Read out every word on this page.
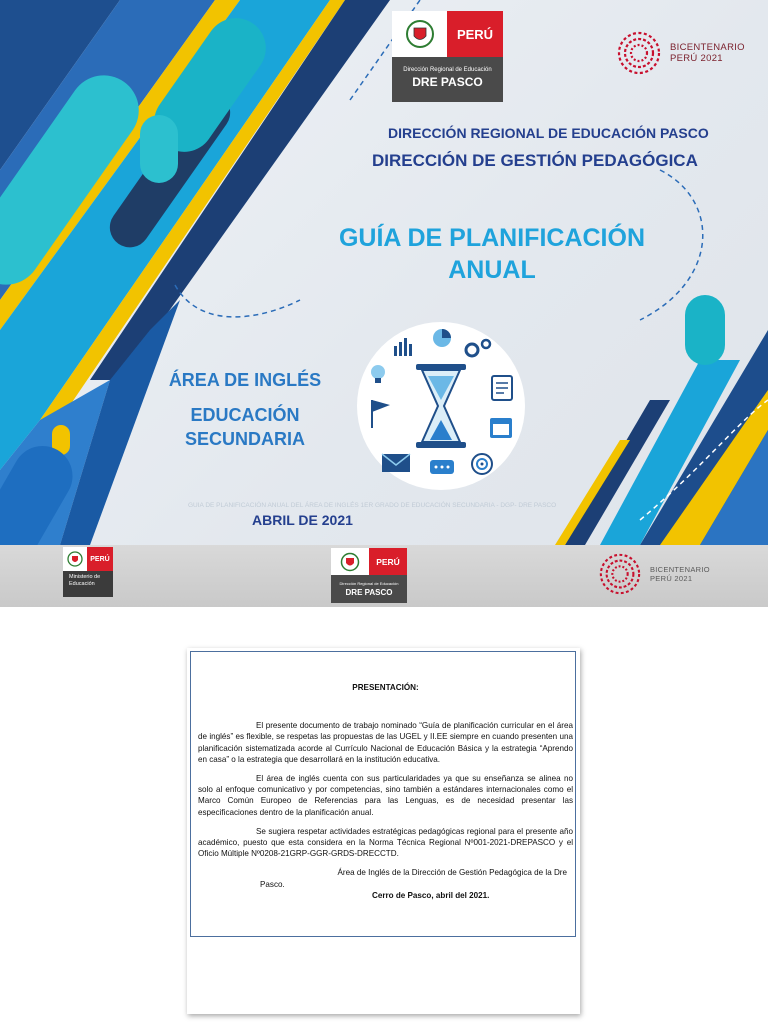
PERÚ
Dirección Regional de Educación
DRE PASCO
BICENTENARIO
PERÚ 2021
DIRECCIÓN REGIONAL DE EDUCACIÓN PASCO
DIRECCIÓN DE GESTIÓN PEDAGÓGICA
GUÍA DE PLANIFICACIÓN
ANUAL
ÁREA DE INGLÉS
EDUCACIÓN
SECUNDARIA
GUIA DE PLANIFICACIÓN ANUAL DEL ÁREA DE INGLÉS 1ER GRADO DE EDUCACIÓN SECUNDARIA - DGP- DRE PASCO
ABRIL DE 2021
PERÚ
Ministerio de
Educación
PERÚ
Dirección Regional de Educación
DRE PASCO
BICENTENARIO
PERÚ 2021

PRESENTACIÓN:

El presente documento de trabajo nominado “Guía de planificación curricular en el área de inglés” es flexible, se respetas las propuestas de las UGEL y II.EE siempre en cuando presenten una planificación sistematizada acorde al Currículo Nacional de Educación Básica y la estrategia “Aprendo en casa” o la estrategia que desarrollará en la institución educativa.

El área de inglés cuenta con sus particularidades ya que su enseñanza se alinea no solo al enfoque comunicativo y por competencias, sino también a estándares internacionales como el Marco Común Europeo de Referencias para las Lenguas, es de necesidad presentar las especificaciones dentro de la planificación anual.

Se sugiera respetar actividades estratégicas pedagógicas regional para el presente año académico, puesto que esta considera en la Norma Técnica Regional Nº001-2021-DREPASCO y el Oficio Múltiple Nº0208-21GRP-GGR-GRDS-DRECCTD.

Área de Inglés de la Dirección de Gestión Pedagógica de la Dre

Pasco.

Cerro de Pasco, abril del 2021.
